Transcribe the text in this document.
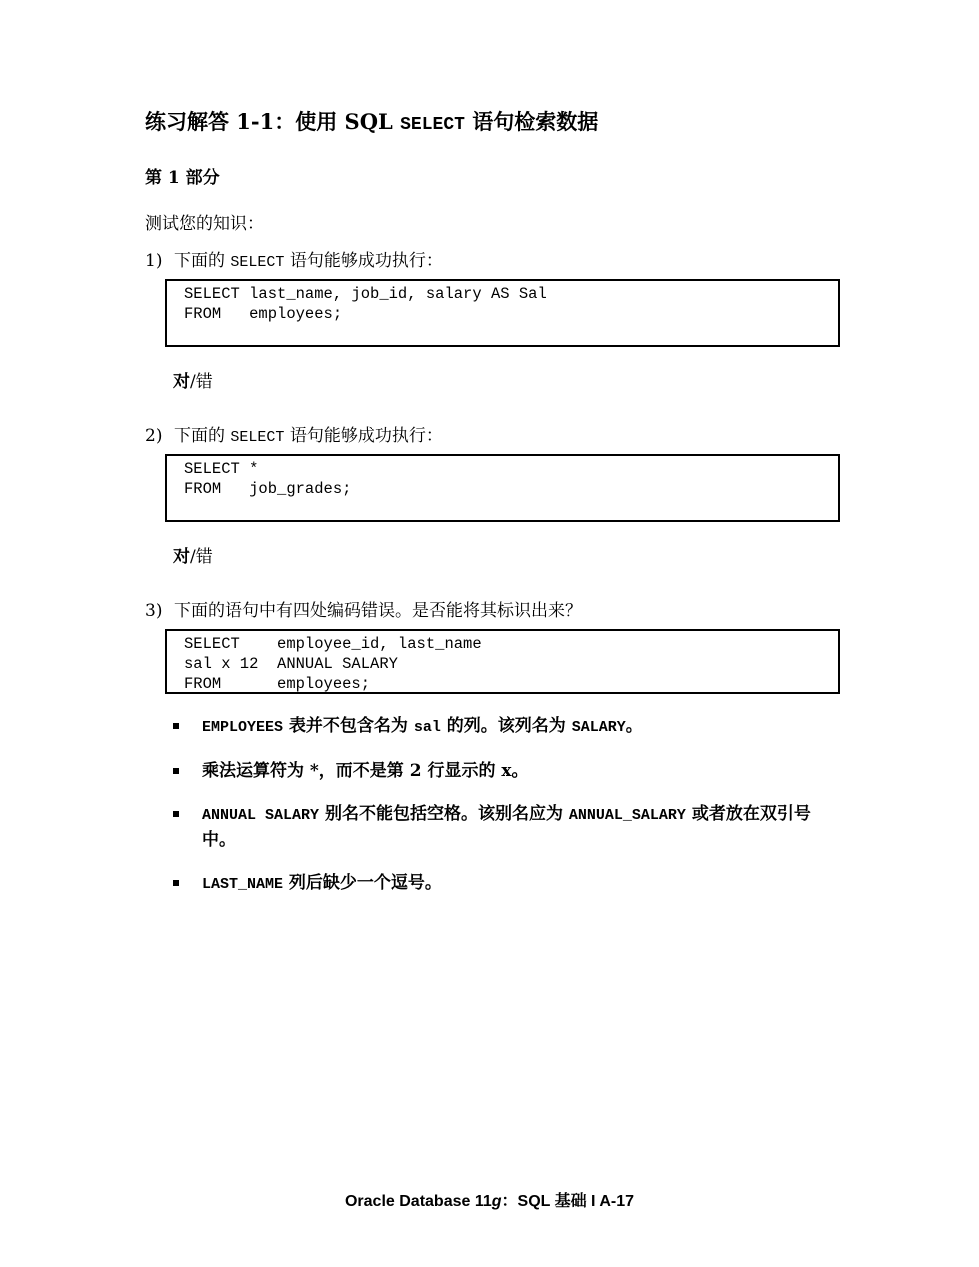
练习解答 1-1：使用 SQL SELECT 语句检索数据
第 1 部分
测试您的知识：
1) 下面的 SELECT 语句能够成功执行：
SELECT last_name, job_id, salary AS Sal
FROM   employees;
对/错
2) 下面的 SELECT 语句能够成功执行：
SELECT *
FROM   job_grades;
对/错
3) 下面的语句中有四处编码错误。是否能将其标识出来？
SELECT    employee_id, last_name
sal x 12  ANNUAL SALARY
FROM      employees;
EMPLOYEES 表并不包含名为 sal 的列。该列名为 SALARY。
乘法运算符为 *，而不是第 2 行显示的 x。
ANNUAL SALARY 别名不能包括空格。该别名应为 ANNUAL_SALARY 或者放在双引号中。
LAST_NAME 列后缺少一个逗号。
Oracle Database 11g：SQL 基础 I A-17
